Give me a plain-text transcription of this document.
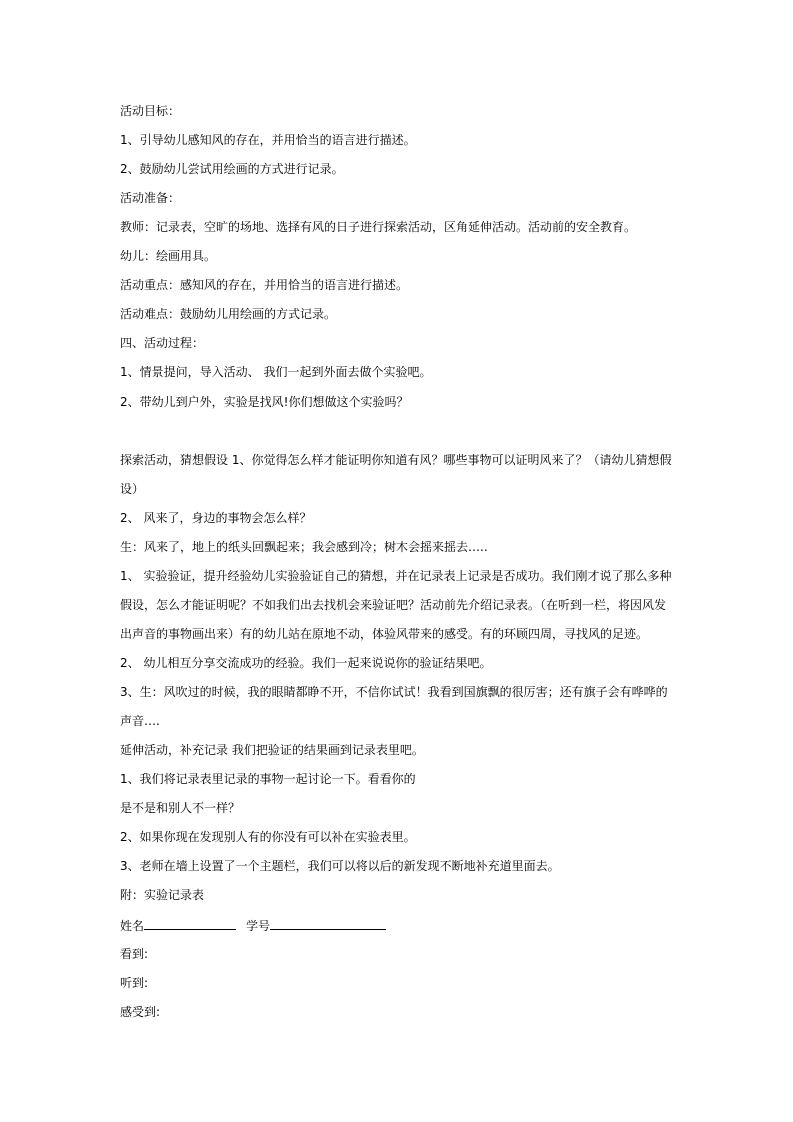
活动目标：
1、引导幼儿感知风的存在，并用恰当的语言进行描述。
2、鼓励幼儿尝试用绘画的方式进行记录。
活动准备：
教师：记录表，空旷的场地、选择有风的日子进行探索活动，区角延伸活动。活动前的安全教育。
幼儿：绘画用具。
活动重点：感知风的存在，并用恰当的语言进行描述。
活动难点：鼓励幼儿用绘画的方式记录。
四、活动过程：
1、情景提问，导入活动、 我们一起到外面去做个实验吧。
2、带幼儿到户外，实验是找风!你们想做这个实验吗？
探索活动，猜想假设 1、你觉得怎么样才能证明你知道有风？哪些事物可以证明风来了？（请幼儿猜想假
设）
2、 风来了，身边的事物会怎么样？
生：风来了，地上的纸头回飘起来；我会感到冷；树木会摇来摇去…..
1、 实验验证，提升经验幼儿实验验证自己的猜想，并在记录表上记录是否成功。我们刚才说了那么多种
假设，怎么才能证明呢？不如我们出去找机会来验证吧？活动前先介绍记录表。（在听到一栏，将因风发
出声音的事物画出来）有的幼儿站在原地不动，体验风带来的感受。有的环顾四周，寻找风的足迹。
2、 幼儿相互分享交流成功的经验。我们一起来说说你的验证结果吧。
3、生：风吹过的时候，我的眼睛都睁不开，不信你试试！我看到国旗飘的很厉害；还有旗子会有哗哗的
声音….
延伸活动，补充记录 我们把验证的结果画到记录表里吧。
1、我们将记录表里记录的事物一起讨论一下。看看你的
是不是和别人不一样？
2、如果你现在发现别人有的你没有可以补在实验表里。
3、老师在墙上设置了一个主题栏，我们可以将以后的新发现不断地补充道里面去。
附：实验记录表
姓名	学号
看到:
听到:
感受到:
